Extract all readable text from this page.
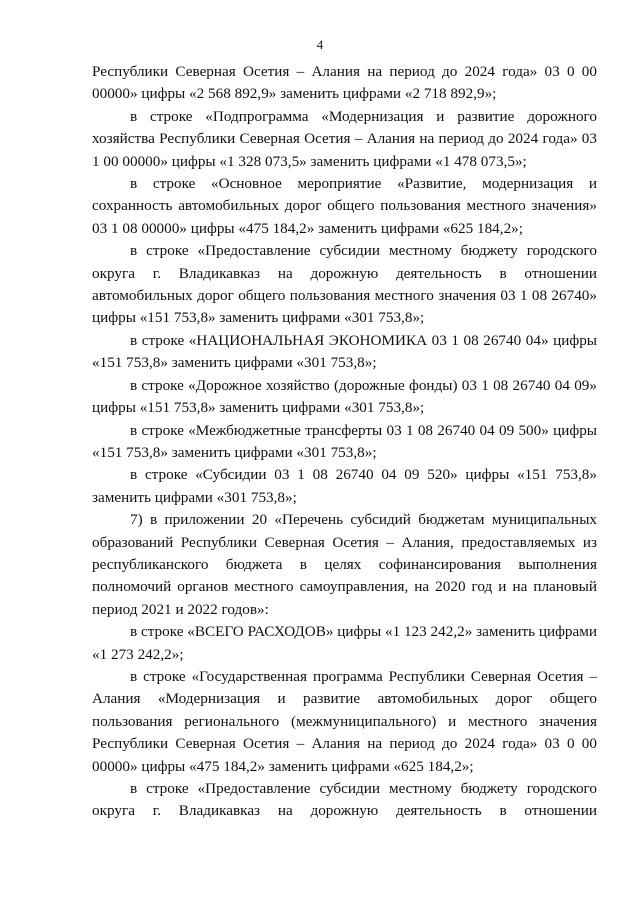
4

Республики Северная Осетия – Алания на период до 2024 года» 03 0 00 00000» цифры «2 568 892,9» заменить цифрами «2 718 892,9»;

в строке «Подпрограмма «Модернизация и развитие дорожного хозяйства Республики Северная Осетия – Алания на период до 2024 года» 03 1 00 00000» цифры «1 328 073,5» заменить цифрами «1 478 073,5»;

в строке «Основное мероприятие «Развитие, модернизация и сохранность автомобильных дорог общего пользования местного значения» 03 1 08 00000» цифры «475 184,2» заменить цифрами «625 184,2»;

в строке «Предоставление субсидии местному бюджету городского округа г. Владикавказ на дорожную деятельность в отношении автомобильных дорог общего пользования местного значения 03 1 08 26740» цифры «151 753,8» заменить цифрами «301 753,8»;

в строке «НАЦИОНАЛЬНАЯ ЭКОНОМИКА 03 1 08 26740 04» цифры «151 753,8» заменить цифрами «301 753,8»;

в строке «Дорожное хозяйство (дорожные фонды) 03 1 08 26740 04 09» цифры «151 753,8» заменить цифрами «301 753,8»;

в строке «Межбюджетные трансферты 03 1 08 26740 04 09 500» цифры «151 753,8» заменить цифрами «301 753,8»;

в строке «Субсидии 03 1 08 26740 04 09 520» цифры «151 753,8» заменить цифрами «301 753,8»;

7) в приложении 20 «Перечень субсидий бюджетам муниципальных образований Республики Северная Осетия – Алания, предоставляемых из республиканского бюджета в целях софинансирования выполнения полномочий органов местного самоуправления, на 2020 год и на плановый период 2021 и 2022 годов»:

в строке «ВСЕГО РАСХОДОВ» цифры «1 123 242,2» заменить цифрами «1 273 242,2»;

в строке «Государственная программа Республики Северная Осетия – Алания «Модернизация и развитие автомобильных дорог общего пользования регионального (межмуниципального) и местного значения Республики Северная Осетия – Алания на период до 2024 года» 03 0 00 00000» цифры «475 184,2» заменить цифрами «625 184,2»;

в строке «Предоставление субсидии местному бюджету городского округа г. Владикавказ на дорожную деятельность в отношении
